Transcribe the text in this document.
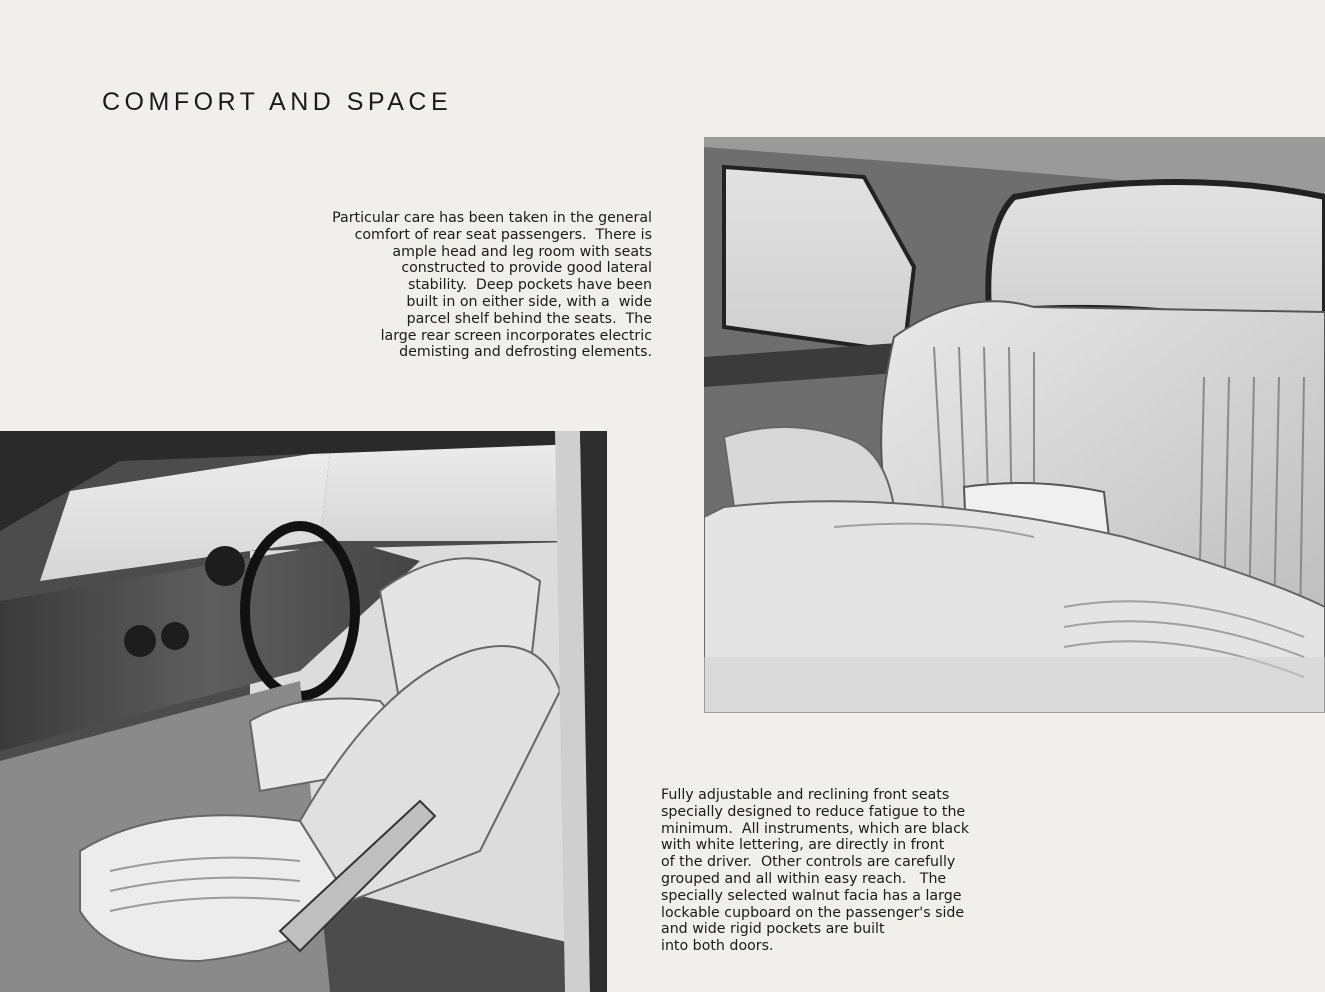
COMFORT AND SPACE
Particular care has been taken in the general
comfort of rear seat passengers.  There is
ample head and leg room with seats
constructed to provide good lateral
stability.  Deep pockets have been
built in on either side, with a  wide
parcel shelf behind the seats.  The
large rear screen incorporates electric
demisting and defrosting elements.
Fully adjustable and reclining front seats
specially designed to reduce fatigue to the
minimum.  All instruments, which are black
with white lettering, are directly in front
of the driver.  Other controls are carefully
grouped and all within easy reach.   The
specially selected walnut facia has a large
lockable cupboard on the passenger's side
and wide rigid pockets are built
into both doors.
